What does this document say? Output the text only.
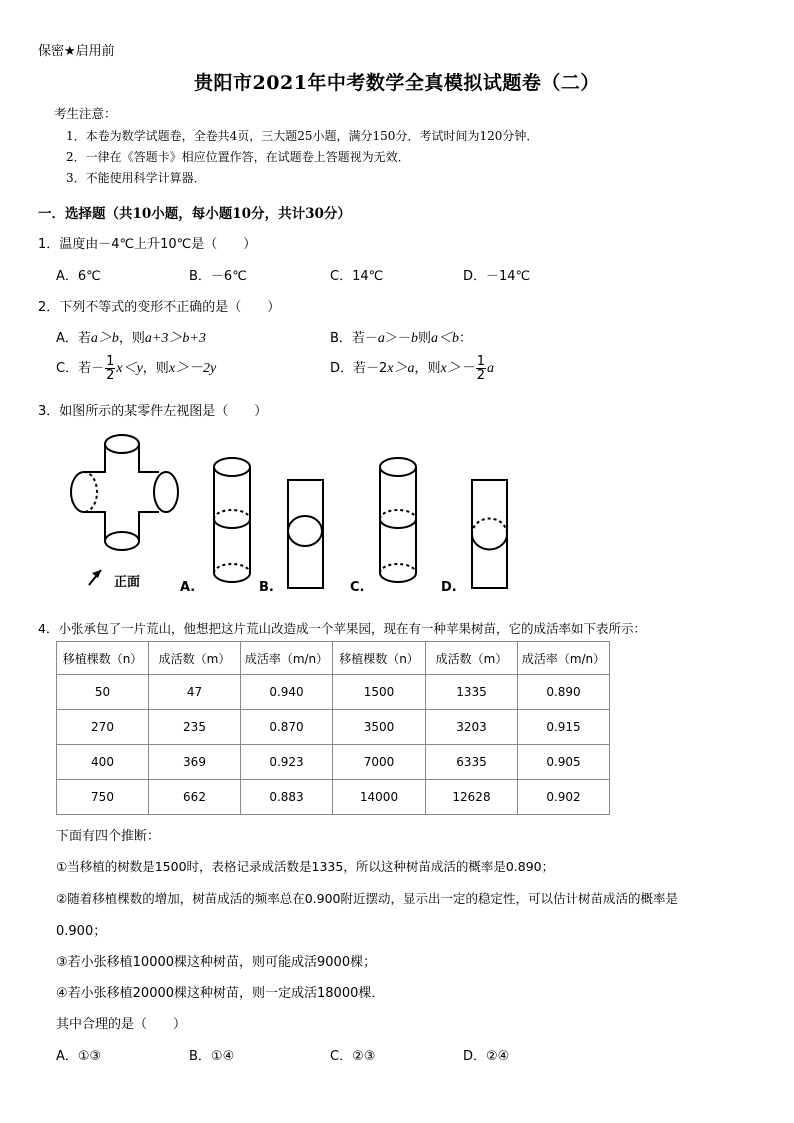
保密★启用前
贵阳市2021年中考数学全真模拟试题卷（二）
考生注意：
1．本卷为数学试题卷，全卷共4页，三大题25小题，满分150分．考试时间为120分钟．
2．一律在《答题卡》相应位置作答，在试题卷上答题视为无效．
3．不能使用科学计算器．
一．选择题（共10小题，每小题10分，共计30分）
1．温度由－4℃上升10℃是（　　）
A．6℃	B．－6℃	C．14℃	D．－14℃
2．下列不等式的变形不正确的是（　　）
A．若a＞b，则a+3＞b+3	B．若－a＞－b则a＜b：
C．若－ $\frac{1}{2} x<y$，则x＞－2y	D．若－2x＞a，则$x>- \frac{1}{2}$ a
3．如图所示的某零件左视图是（　　）
正面	A.	B.	C.	D.
4．小张承包了一片荒山，他想把这片荒山改造成一个苹果园，现在有一种苹果树苗，它的成活率如下表所示：
移植棵数（n）	成活数（m）	成活率（m/n）	移植棵数（n）	成活数（m）	成活率（m/n）
50	47	0.940	1500	1335	0.890
270	235	0.870	3500	3203	0.915
400	369	0.923	7000	6335	0.905
750	662	0.883	14000	12628	0.902
下面有四个推断：
①当移植的树数是1500时，表格记录成活数是1335，所以这种树苗成活的概率是0.890；
②随着移植棵数的增加，树苗成活的频率总在0.900附近摆动，显示出一定的稳定性，可以估计树苗成活的概率是
0.900；
③若小张移植10000棵这种树苗，则可能成活9000棵；
④若小张移植20000棵这种树苗，则一定成活18000棵．
其中合理的是（　　）
A．①③	B．①④	C．②③	D．②④
